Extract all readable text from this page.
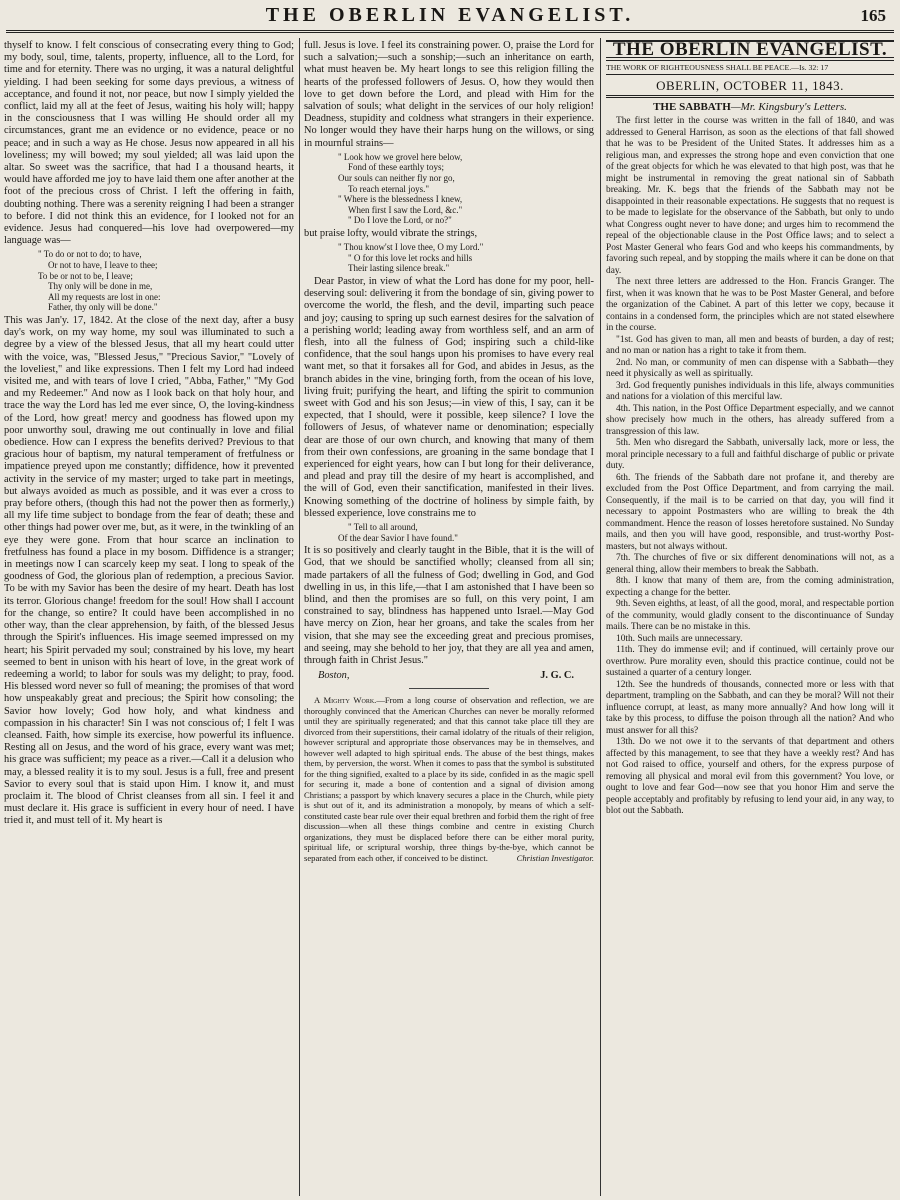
THE OBERLIN EVANGELIST.	165

thyself to know. I felt conscious of consecrating every thing to God; my body, soul, time, talents, property, influence, all to the Lord, for time and for eternity. There was no urging, it was a natural delightful yielding. I had been seeking for some days previous, a witness of acceptance, and found it not, nor peace, but now I simply yielded the conflict, laid my all at the feet of Jesus, waiting his holy will; happy in the consciousness that I was willing He should order all my circumstances, grant me an evidence or no evidence, peace or no peace; and in such a way as He chose. Jesus now appeared in all his loveliness; my will bowed; my soul yielded; all was laid upon the altar. So sweet was the sacrifice, that had I a thousand hearts, it would have afforded me joy to have laid them one after another at the foot of the precious cross of Christ. I left the offering in faith, doubting nothing. There was a serenity reigning I had been a stranger to before. I did not think this an evidence, for I looked not for an evidence. Jesus had conquered—his love had overpowered—my language was—

" To do or not to do; to have,
Or not to have, I leave to thee;
To be or not to be, I leave;
Thy only will be done in me,
All my requests are lost in one:
Father, thy only will be done."

This was Jan'y. 17, 1842. At the close of the next day, after a busy day's work, on my way home, my soul was illuminated to such a degree by a view of the blessed Jesus, that all my heart could utter with the voice, was, "Blessed Jesus," "Precious Savior," "Lovely of the loveliest," and like expressions. Then I felt my Lord had indeed visited me, and with tears of love I cried, "Abba, Father," "My God and my Redeemer." And now as I look back on that holy hour, and trace the way the Lord has led me ever since, O, the loving-kindness of the Lord, how great! mercy and goodness has flowed upon my poor unworthy soul, drawing me out continually in love and filial obedience. How can I express the benefits derived? Previous to that gracious hour of baptism, my natural temperament of fretfulness or impatience preyed upon me constantly; diffidence, how it prevented activity in the service of my master; urged to take part in meetings, but always avoided as much as possible, and it was ever a cross to pray before others, (though this had not the power then as formerly,) all my life time subject to bondage from the fear of death; these and other things had power over me, but, as it were, in the twinkling of an eye they were gone. From that hour scarce an inclination to fretfulness has found a place in my bosom. Diffidence is a stranger; in meetings now I can scarcely keep my seat. I long to speak of the goodness of God, the glorious plan of redemption, a precious Savior. To be with my Savior has been the desire of my heart. Death has lost its terror. Glorious change! freedom for the soul! How shall I account for the change, so entire? It could have been accomplished in no other way, than the clear apprehension, by faith, of the blessed Jesus through the Spirit's influences. His image seemed impressed on my heart; his Spirit pervaded my soul; constrained by his love, my heart seemed to bent in unison with his heart of love, in the great work of redeeming a world; to labor for souls was my delight; to pray, food. His blessed word never so full of meaning; the promises of that word how unspeakably great and precious; the Spirit how consoling; the Savior how lovely; God how holy, and what kindness and compassion in his character! Sin I was not conscious of; I felt I was cleansed. Faith, how simple its exercise, how powerful its influence. Resting all on Jesus, and the word of his grace, every want was met; his grace was sufficient; my peace as a river.—Call it a delusion who may, a blessed reality it is to my soul. Jesus is a full, free and present Savior to every soul that is staid upon Him. I know it, and must proclaim it. The blood of Christ cleanses from all sin. I feel it and must declare it. His grace is sufficient in every hour of need. I have tried it, and must tell of it. My heart is

full. Jesus is love. I feel its constraining power. O, praise the Lord for such a salvation;—such a sonship;—such an inheritance on earth, what must heaven be. My heart longs to see this religion filling the hearts of the professed followers of Jesus. O, how they would then love to get down before the Lord, and plead with Him for the salvation of souls; what delight in the services of our holy religion! Deadness, stupidity and coldness what strangers in their experience. No longer would they have their harps hung on the willows, or sing in mournful strains—

" Look how we grovel here below,
Fond of these earthly toys;
Our souls can neither fly nor go,
To reach eternal joys."
" Where is the blessedness I knew,
When first I saw the Lord, &c."
" Do I love the Lord, or no?"

but praise lofty, would vibrate the strings,

" Thou know'st I love thee, O my Lord."
" O for this love let rocks and hills
Their lasting silence break."

Dear Pastor, in view of what the Lord has done for my poor, hell-deserving soul: delivering it from the bondage of sin, giving power to overcome the world, the flesh, and the devil, imparting such peace and joy; causing to spring up such earnest desires for the salvation of a perishing world; leading away from worthless self, and an arm of flesh, into all the fulness of God; inspiring such a child-like confidence, that the soul hangs upon his promises to have every real want met, so that it forsakes all for God, and abides in Jesus, as the branch abides in the vine, bringing forth, from the ocean of his love, living fruit; purifying the heart, and lifting the spirit to communion sweet with God and his son Jesus;—in view of this, I say, can it be expected, that I should, were it possible, keep silence? I love the followers of Jesus, of whatever name or denomination; especially dear are those of our own church, and knowing that many of them from their own confessions, are groaning in the same bondage that I experienced for eight years, how can I but long for their deliverance, and plead and pray till the desire of my heart is accomplished, and the will of God, even their sanctification, manifested in their lives. Knowing something of the doctrine of holiness by simple faith, by blessed experience, love constrains me to

" Tell to all around,
Of the dear Savior I have found."

It is so positively and clearly taught in the Bible, that it is the will of God, that we should be sanctified wholly; cleansed from all sin; made partakers of all the fulness of God; dwelling in God, and God dwelling in us, in this life,—that I am astonished that I have been so blind, and then the promises are so full, on this very point, I am constrained to say, blindness has happened unto Israel.—May God have mercy on Zion, hear her groans, and take the scales from her vision, that she may see the exceeding great and precious promises, and seeing, may she behold to her joy, that they are all yea and amen, through faith in Christ Jesus."

Boston,	J. G. C.

A Mighty Work.—From a long course of observation and reflection, we are thoroughly convinced that the American Churches can never be morally reformed until they are spiritually regenerated; and that this cannot take place till they are divorced from their superstitions, their carnal idolatry of the rituals of their religion, however scriptural and appropriate those observances may be in themselves, and however well adapted to high spiritual ends. The abuse of the best things, makes them, by perversion, the worst. When it comes to pass that the symbol is substituted for the thing signified, exalted to a place by its side, confided in as the magic spell for securing it, made a bone of contention and a signal of division among Christians; a passport by which knavery secures a place in the Church, while piety is shut out of it, and its administration a monopoly, by means of which a self-constituted caste bear rule over their equal brethren and forbid them the right of free discussion—when all these things combine and centre in existing Church organizations, they must be displaced before there can be either moral purity, spiritual life, or scriptural worship, three things by-the-bye, which cannot be separated from each other, if conceived to be distinct.	Christian Investigator.

THE OBERLIN EVANGELIST.
THE WORK OF RIGHTEOUSNESS SHALL BE PEACE.—Is. 32: 17
OBERLIN, OCTOBER 11, 1843.
THE SABBATH—Mr. Kingsbury's Letters.

The first letter in the course was written in the fall of 1840, and was addressed to General Harrison, as soon as the elections of that fall showed that he was to be President of the United States. It addresses him as a religious man, and expresses the strong hope and even conviction that one of the great objects for which he was elevated to that high post, was that he might be instrumental in removing the great national sin of Sabbath breaking. Mr. K. begs that the friends of the Sabbath may not be disappointed in their reasonable expectations. He suggests that no request is to be made to legislate for the observance of the Sabbath, but only to undo what Congress ought never to have done; and urges him to recommend the repeal of the objectionable clause in the Post Office laws; and to select a Post Master General who fears God and who keeps his commandments, by favoring such repeal, and by stopping the mails where it can be done on that day.

The next three letters are addressed to the Hon. Francis Granger. The first, when it was known that he was to be Post Master General, and before the organization of the Cabinet. A part of this letter we copy, because it contains in a condensed form, the principles which are not stated elsewhere in the course.

"1st. God has given to man, all men and beasts of burden, a day of rest; and no man or nation has a right to take it from them.

2nd. No man, or community of men can dispense with a Sabbath—they need it physically as well as spiritually.

3rd. God frequently punishes individuals in this life, always communities and nations for a violation of this merciful law.

4th. This nation, in the Post Office Department especially, and we cannot show precisely how much in the others, has already suffered from a transgression of this law.

5th. Men who disregard the Sabbath, universally lack, more or less, the moral principle necessary to a full and faithful discharge of public or private duty.

6th. The friends of the Sabbath dare not profane it, and thereby are excluded from the Post Office Department, and from carrying the mail. Consequently, if the mail is to be carried on that day, you will find it necessary to appoint Postmasters who are willing to break the 4th commandment. Hence the reason of losses heretofore sustained. No Sunday mails, and then you will have good, responsible, and trust-worthy Post-masters, but not always without.

7th. The churches of five or six different denominations will not, as a general thing, allow their members to break the Sabbath.

8th. I know that many of them are, from the coming administration, expecting a change for the better.

9th. Seven eighths, at least, of all the good, moral, and respectable portion of the community, would gladly consent to the discontinuance of Sunday mails. There can be no mistake in this.

10th. Such mails are unnecessary.

11th. They do immense evil; and if continued, will certainly prove our overthrow. Pure morality even, should this practice continue, could not be sustained a quarter of a century longer.

12th. See the hundreds of thousands, connected more or less with that department, trampling on the Sabbath, and can they be moral? Will not their influence corrupt, at least, as many more annually? And how long will it take by this process, to diffuse the poison through all the nation? And who must answer for all this?

13th. Do we not owe it to the servants of that department and others affected by this management, to see that they have a weekly rest? And has not God raised to office, yourself and others, for the express purpose of removing all physical and moral evil from this government? You love, or ought to love and fear God—now see that you honor Him and serve the people acceptably and profitably by refusing to lend your aid, in any way, to blot out the Sabbath.
